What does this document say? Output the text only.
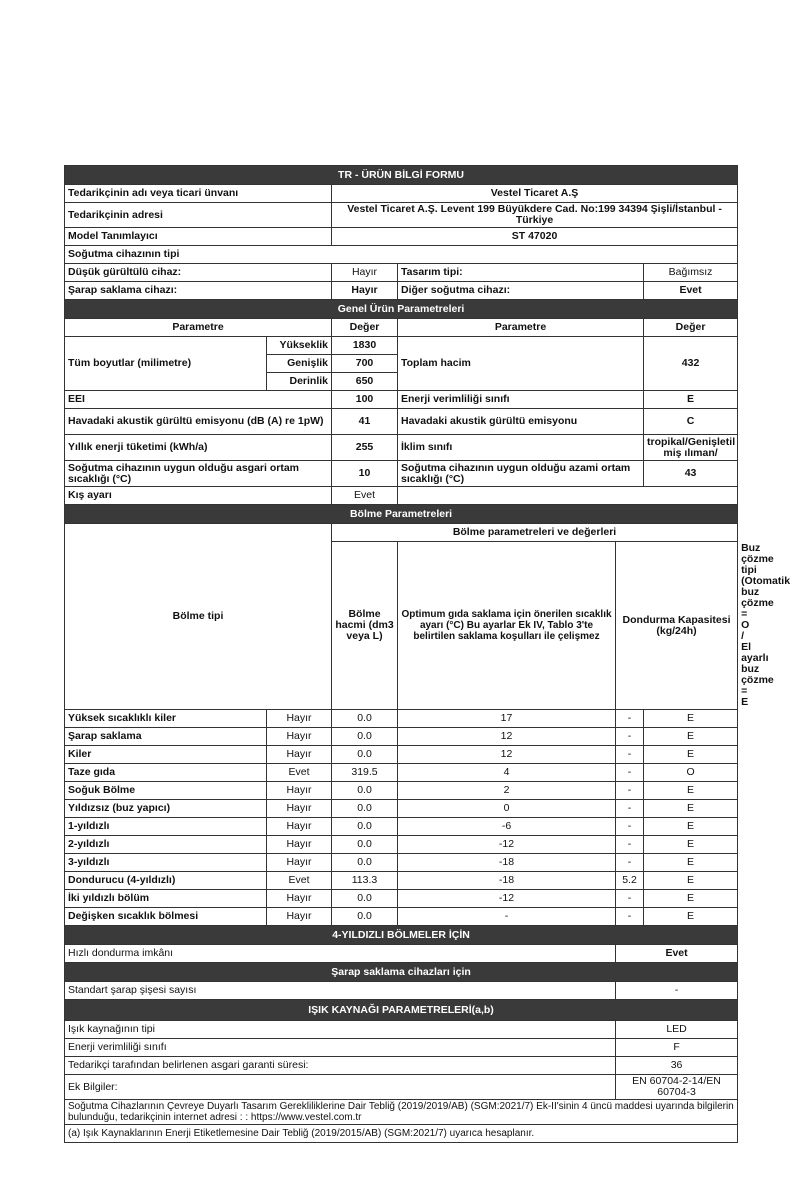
TR - ÜRÜN BİLGİ FORMU						
Tedarikçinin adı veya ticari ünvanı		Vestel Ticaret A.Ş				
Tedarikçinin adresi		Vestel Ticaret A.Ş. Levent 199 Büyükdere Cad. No:199 34394 Şişli/İstanbul - Türkiye				
Model Tanımlayıcı		ST 47020				
Soğutma cihazının tipi						
Düşük gürültülü cihaz:		Hayır	Tasarım tipi:		Bağımsız	
Şarap saklama cihazı:		Hayır	Diğer soğutma cihazı:		Evet	
Genel Ürün Parametreleri						
Parametre		Değer	Parametre		Değer	
Tüm boyutlar (milimetre)	Yükseklik	1830	Toplam hacim		432	
	Genişlik	700				
	Derinlik	650				
EEI		100	Enerji verimliliği sınıfı		E	
Havadaki akustik gürültü emisyonu (dB (A) re 1pW)		41	Havadaki akustik gürültü emisyonu		C	
Yıllık enerji tüketimi (kWh/a)		255	İklim sınıfı		tropikal/Genişletil miş ılıman/	
Soğutma cihazının uygun olduğu asgari ortam sıcaklığı (°C)		10	Soğutma cihazının uygun olduğu azami ortam sıcaklığı (°C)		43	
Kış ayarı		Evet				
Bölme Parametreleri						
Bölme tipi		Bölme parametreleri ve değerleri				
		Bölme hacmi (dm3 veya L)	Optimum gıda saklama için önerilen sıcaklık ayarı (°C) Bu ayarlar Ek IV, Tablo 3'te belirtilen saklama koşulları ile çelişmez	Dondurma Kapasitesi (kg/24h)		Buz çözme tipi (Otomatik buz çözme = O / El ayarlı buz çözme = E
Yüksek sıcaklıklı kiler	Hayır	0.0	17	-	E	
Şarap saklama	Hayır	0.0	12	-	E	
Kiler	Hayır	0.0	12	-	E	
Taze gıda	Evet	319.5	4	-	O	
Soğuk Bölme	Hayır	0.0	2	-	E	
Yıldızsız (buz yapıcı)	Hayır	0.0	0	-	E	
1-yıldızlı	Hayır	0.0	-6	-	E	
2-yıldızlı	Hayır	0.0	-12	-	E	
3-yıldızlı	Hayır	0.0	-18	-	E	
Dondurucu (4-yıldızlı)	Evet	113.3	-18	5.2	E	
İki yıldızlı bölüm	Hayır	0.0	-12	-	E	
Değişken sıcaklık bölmesi	Hayır	0.0	-	-	E	
4-YILDIZLI BÖLMELER İÇİN						
Hızlı dondurma imkânı				Evet		
Şarap saklama cihazları için						
Standart şarap şişesi sayısı				-		
IŞIK KAYNAĞI PARAMETRELERİ(a,b)						
Işık kaynağının tipi				LED		
Enerji verimliliği sınıfı				F		
Tedarikçi tarafından belirlenen asgari garanti süresi:				36		
Ek Bilgiler:				EN 60704-2-14/EN 60704-3		
Soğutma Cihazlarının Çevreye Duyarlı Tasarım Gerekliliklerine Dair Tebliğ (2019/2019/AB) (SGM:2021/7) Ek-II'sinin 4 üncü maddesi uyarında bilgilerin bulunduğu, tedarikçinin internet adresi : : https://www.vestel.com.tr						
(a) Işık Kaynaklarının Enerji Etiketlemesine Dair Tebliğ (2019/2015/AB) (SGM:2021/7) uyarıca hesaplanır.						
